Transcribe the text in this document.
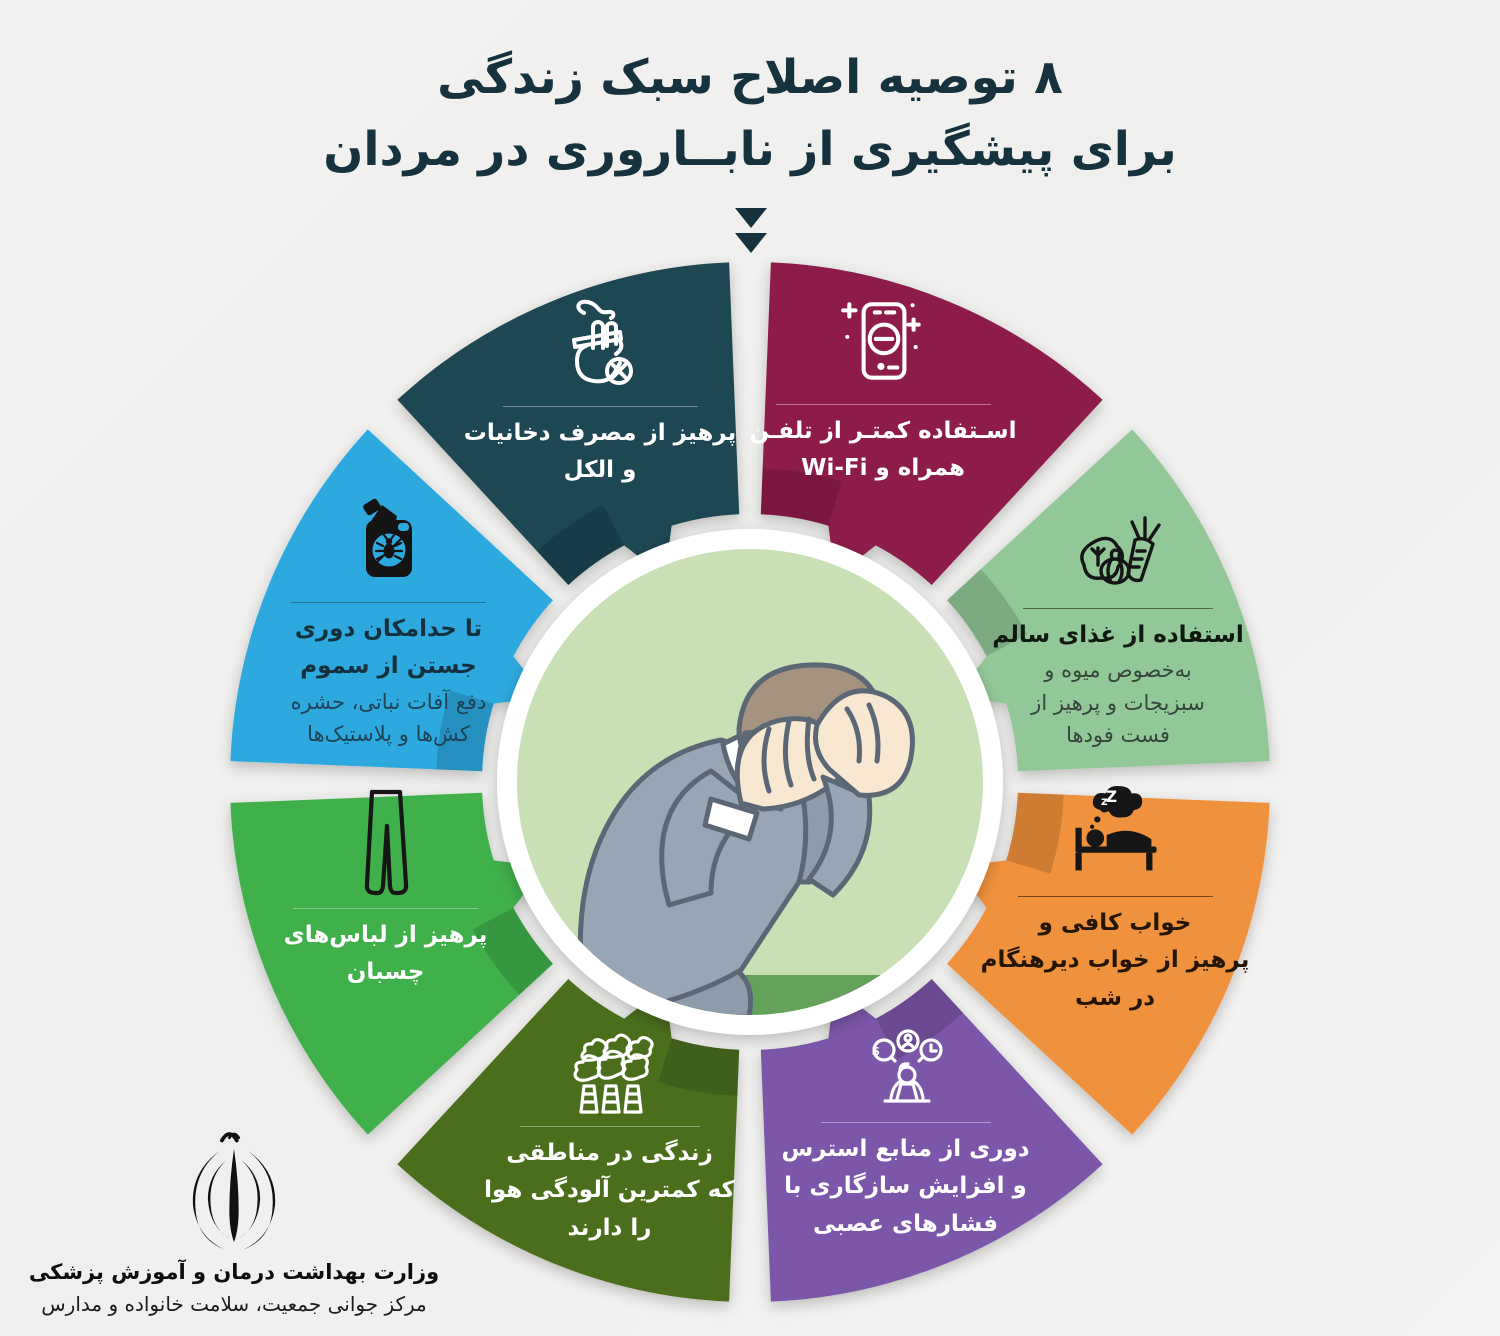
۸ توصیه اصلاح سبک زندگی
برای پیشگیری از نابــاروری در مردان
پرهیز از مصرف دخانیات
و الکل
اسـتفاده کمتـر از تلفـن
همراه و Wi-Fi
استفاده از غذای سالم
به‌خصوص میوه و
سبزیجات و پرهیز از
فست فودها
z
Z
خواب کافی و
پرهیز از خواب دیرهنگام
در شب
$
دوری از منابع استرس
و افزایش سازگاری با
فشارهای عصبی
زندگی در مناطقی
که کمترین آلودگی هوا
را دارند
پرهیز از لباس‌های
چسبان
تا حدامکان دوری
جستن از سموم
دفع آفات نباتی، حشره
کش‌ها و پلاستیک‌ها
وزارت بهداشت درمان و آموزش پزشکی
مرکز جوانی جمعیت، سلامت خانواده و مدارس
